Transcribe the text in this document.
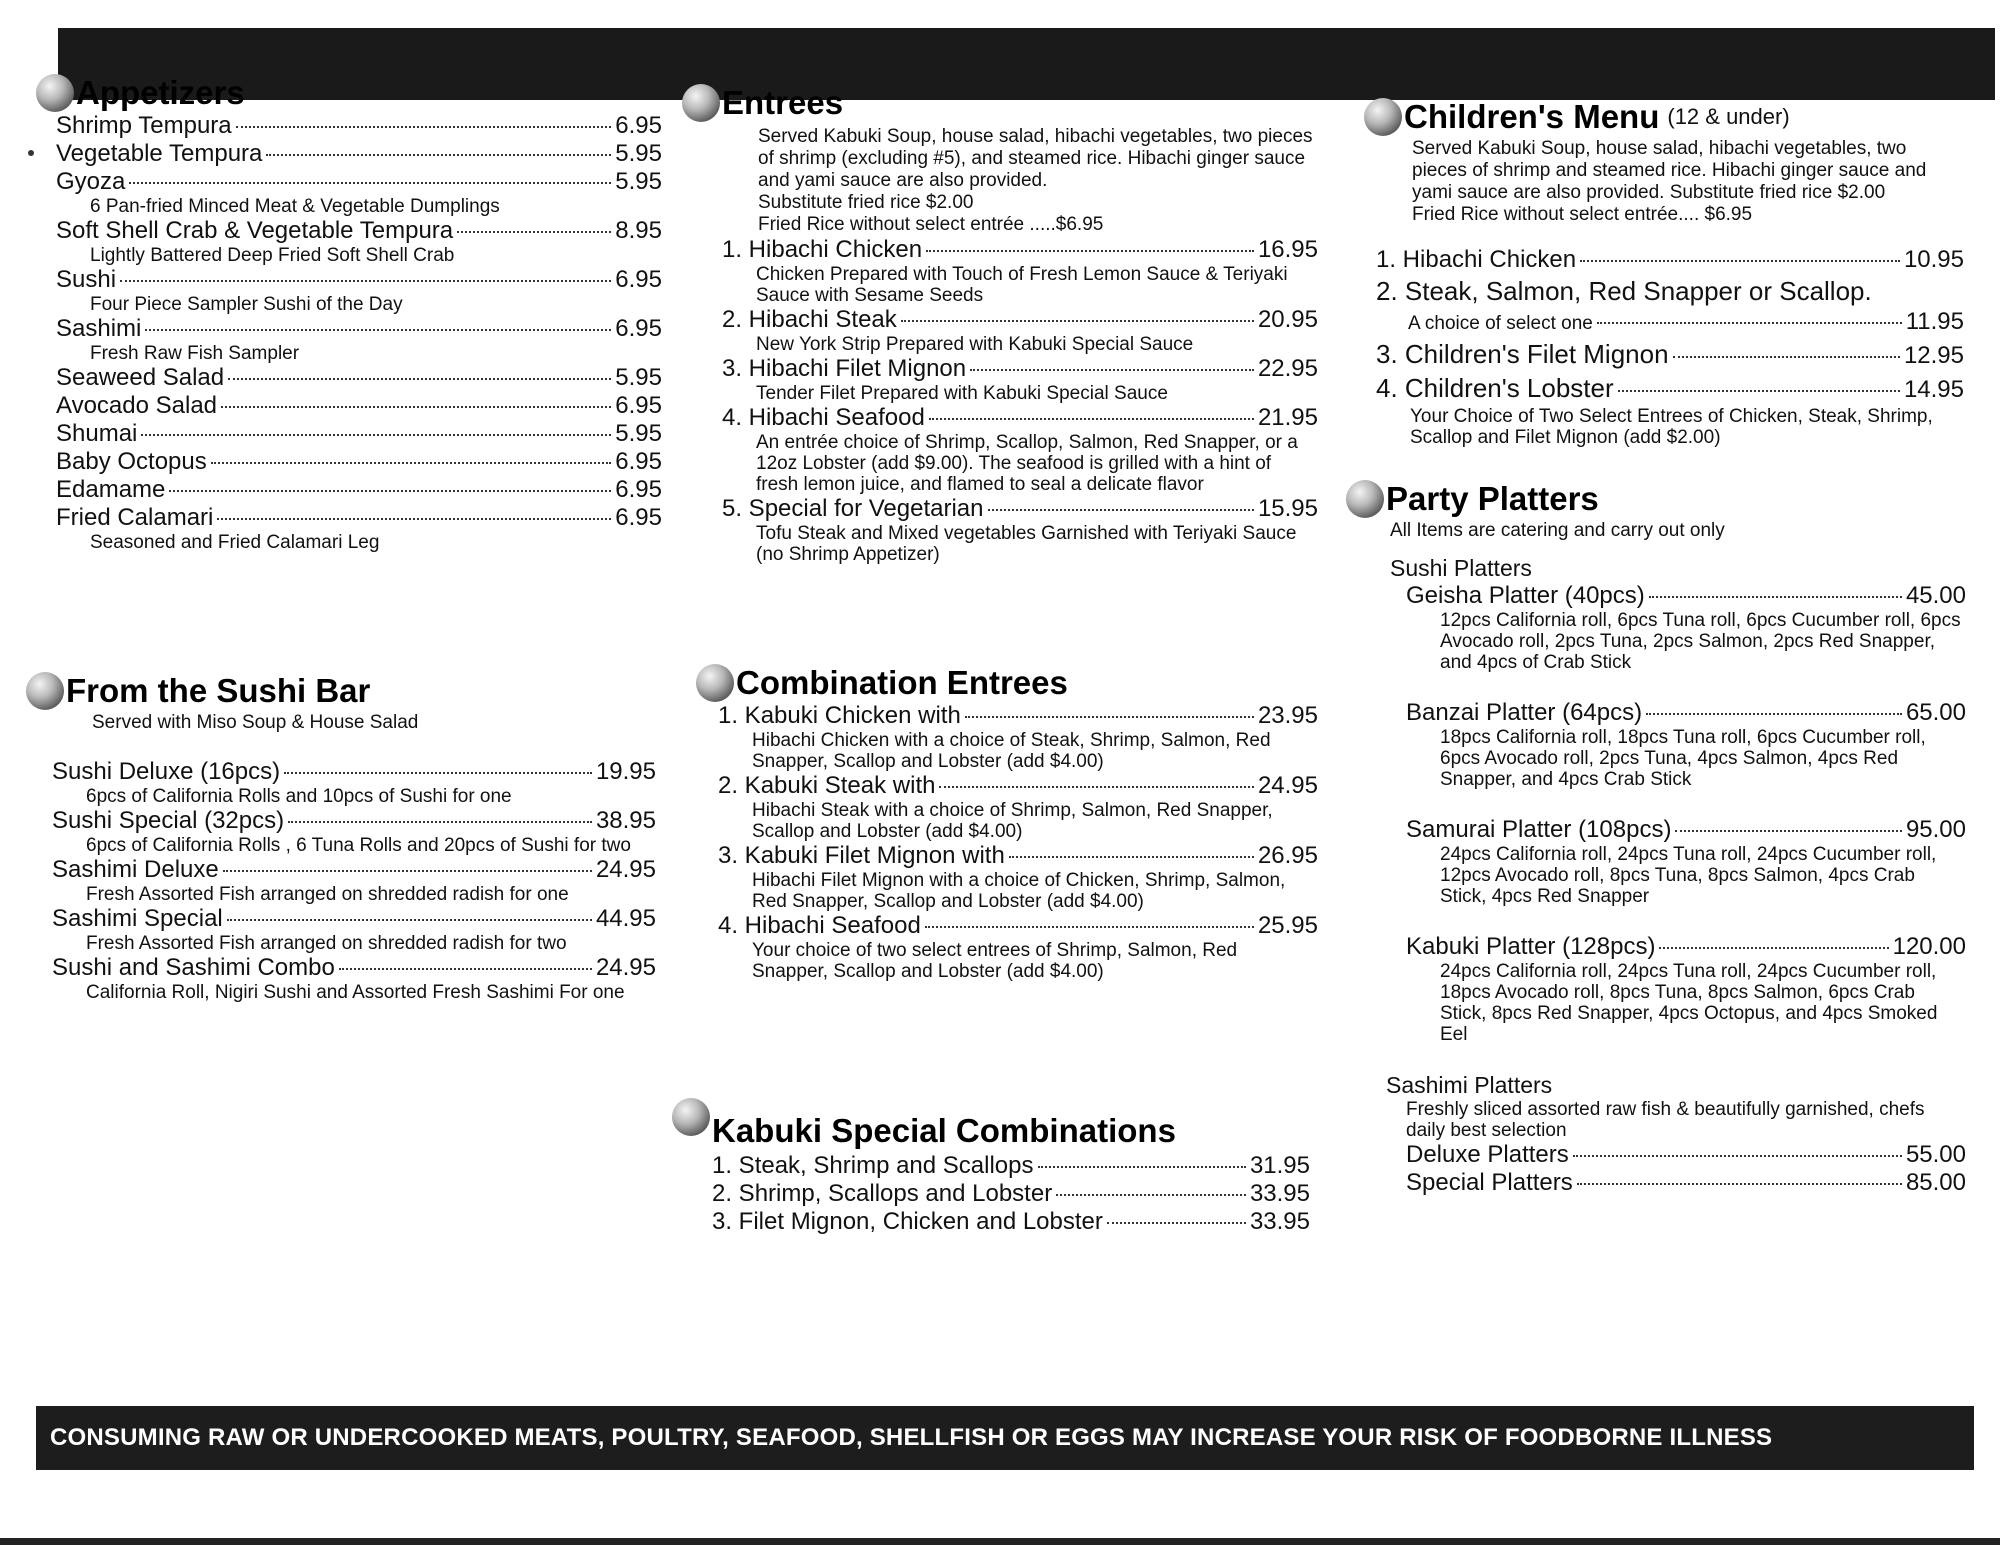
Appetizers
Shrimp Tempura	6.95
Vegetable Tempura	5.95
Gyoza	5.95
6 Pan-fried Minced Meat & Vegetable Dumplings
Soft Shell Crab & Vegetable Tempura	8.95
Lightly Battered Deep Fried Soft Shell Crab
Sushi	6.95
Four Piece Sampler Sushi of the Day
Sashimi	6.95
Fresh Raw Fish Sampler
Seaweed Salad	5.95
Avocado Salad	6.95
Shumai	5.95
Baby Octopus	6.95
Edamame	6.95
Fried Calamari	6.95
Seasoned and Fried Calamari Leg
From the Sushi Bar
Served with Miso Soup & House Salad
Sushi Deluxe (16pcs)	19.95
6pcs of California Rolls and 10pcs of Sushi for one
Sushi Special (32pcs)	38.95
6pcs of California Rolls , 6 Tuna Rolls and 20pcs of Sushi for two
Sashimi Deluxe	24.95
Fresh Assorted Fish arranged on shredded radish for one
Sashimi Special	44.95
Fresh Assorted Fish arranged on shredded radish for two
Sushi and Sashimi Combo	24.95
California Roll, Nigiri Sushi and Assorted Fresh Sashimi For one
Entrees
Served Kabuki Soup, house salad, hibachi vegetables, two pieces of shrimp (excluding #5), and steamed rice. Hibachi ginger sauce and yami sauce are also provided.
Substitute fried rice $2.00
Fried Rice without select entrée .....$6.95
1. Hibachi Chicken	16.95
Chicken Prepared with Touch of Fresh Lemon Sauce & Teriyaki Sauce with Sesame Seeds
2. Hibachi Steak	20.95
New York Strip Prepared with Kabuki Special Sauce
3. Hibachi Filet Mignon	22.95
Tender Filet Prepared with Kabuki Special Sauce
4. Hibachi Seafood	21.95
An entrée choice of Shrimp, Scallop, Salmon, Red Snapper, or a 12oz Lobster (add $9.00). The seafood is grilled with a hint of fresh lemon juice, and flamed to seal a delicate flavor
5. Special for Vegetarian	15.95
Tofu Steak and Mixed vegetables Garnished with Teriyaki Sauce (no Shrimp Appetizer)
Combination Entrees
1. Kabuki Chicken with	23.95
Hibachi Chicken with a choice of Steak, Shrimp, Salmon, Red Snapper, Scallop and Lobster (add $4.00)
2. Kabuki Steak with	24.95
Hibachi Steak with a choice of Shrimp, Salmon, Red Snapper, Scallop and Lobster (add $4.00)
3. Kabuki Filet Mignon with	26.95
Hibachi Filet Mignon with a choice of Chicken, Shrimp, Salmon, Red Snapper, Scallop and Lobster (add $4.00)
4. Hibachi Seafood	25.95
Your choice of two select entrees of Shrimp, Salmon, Red Snapper, Scallop and Lobster (add $4.00)
Kabuki Special Combinations
1. Steak, Shrimp and Scallops	31.95
2. Shrimp, Scallops and Lobster	33.95
3. Filet Mignon, Chicken and Lobster	33.95
Children's Menu (12 & under)
Served Kabuki Soup, house salad, hibachi vegetables, two pieces of shrimp and steamed rice. Hibachi ginger sauce and yami sauce are also provided. Substitute fried rice $2.00
Fried Rice without select entrée.... $6.95
1. Hibachi Chicken	10.95
2. Steak, Salmon, Red Snapper or Scallop.
A choice of select one	11.95
3. Children's Filet Mignon	12.95
4. Children's Lobster	14.95
Your Choice of Two Select Entrees of Chicken, Steak, Shrimp, Scallop and Filet Mignon (add $2.00)
Party Platters
All Items are catering and carry out only
Sushi Platters
Geisha Platter (40pcs)	45.00
12pcs California roll, 6pcs Tuna roll, 6pcs Cucumber roll, 6pcs Avocado roll, 2pcs Tuna, 2pcs Salmon, 2pcs Red Snapper, and 4pcs of Crab Stick
Banzai Platter (64pcs)	65.00
18pcs California roll, 18pcs Tuna roll, 6pcs Cucumber roll, 6pcs Avocado roll, 2pcs Tuna, 4pcs Salmon, 4pcs Red Snapper, and 4pcs Crab Stick
Samurai Platter (108pcs)	95.00
24pcs California roll, 24pcs Tuna roll, 24pcs Cucumber roll, 12pcs Avocado roll, 8pcs Tuna, 8pcs Salmon, 4pcs Crab Stick, 4pcs Red Snapper
Kabuki Platter (128pcs)	120.00
24pcs California roll, 24pcs Tuna roll, 24pcs Cucumber roll, 18pcs Avocado roll, 8pcs Tuna, 8pcs Salmon, 6pcs Crab Stick, 8pcs Red Snapper, 4pcs Octopus, and 4pcs Smoked Eel
Sashimi Platters
Freshly sliced assorted raw fish & beautifully garnished, chefs daily best selection
Deluxe Platters	55.00
Special Platters	85.00
CONSUMING RAW OR UNDERCOOKED MEATS, POULTRY, SEAFOOD, SHELLFISH OR EGGS MAY INCREASE YOUR RISK OF FOODBORNE ILLNESS
